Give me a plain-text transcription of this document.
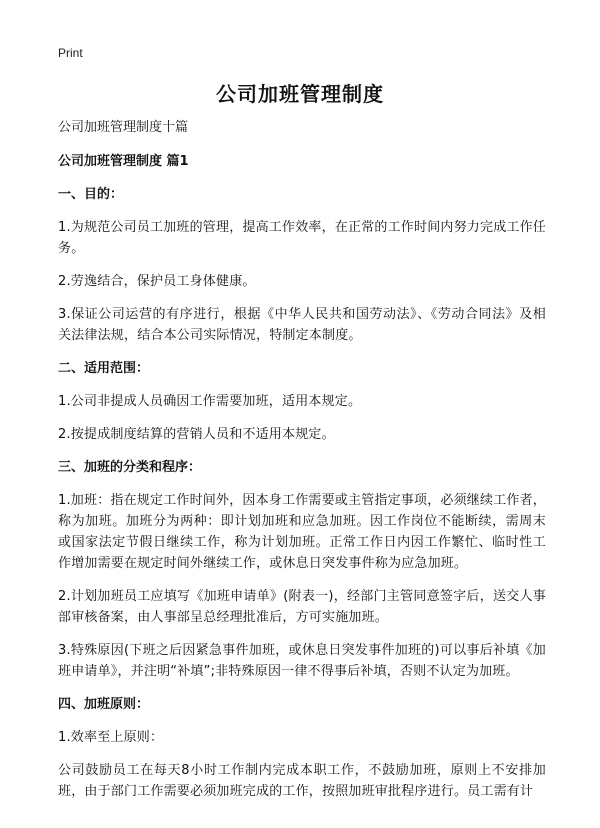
Print
公司加班管理制度

公司加班管理制度十篇

公司加班管理制度 篇1

一、目的：

1.为规范公司员工加班的管理，提高工作效率，在正常的工作时间内努力完成工作任务。

2.劳逸结合，保护员工身体健康。

3.保证公司运营的有序进行，根据《中华人民共和国劳动法》、《劳动合同法》及相关法律法规，结合本公司实际情况，特制定本制度。

二、适用范围：

1.公司非提成人员确因工作需要加班，适用本规定。

2.按提成制度结算的营销人员和不适用本规定。

三、加班的分类和程序：

1.加班：指在规定工作时间外，因本身工作需要或主管指定事项，必须继续工作者，称为加班。加班分为两种：即计划加班和应急加班。因工作岗位不能断续，需周末或国家法定节假日继续工作，称为计划加班。正常工作日内因工作繁忙、临时性工作增加需要在规定时间外继续工作，或休息日突发事件称为应急加班。

2.计划加班员工应填写《加班申请单》(附表一)，经部门主管同意签字后，送交人事部审核备案，由人事部呈总经理批准后，方可实施加班。

3.特殊原因(下班之后因紧急事件加班，或休息日突发事件加班的)可以事后补填《加班申请单》，并注明“补填”;非特殊原因一律不得事后补填，否则不认定为加班。

四、加班原则：

1.效率至上原则：

公司鼓励员工在每天8小时工作制内完成本职工作，不鼓励加班，原则上不安排加班，由于部门工作需要必须加班完成的工作，按照加班审批程序进行。员工需有计
